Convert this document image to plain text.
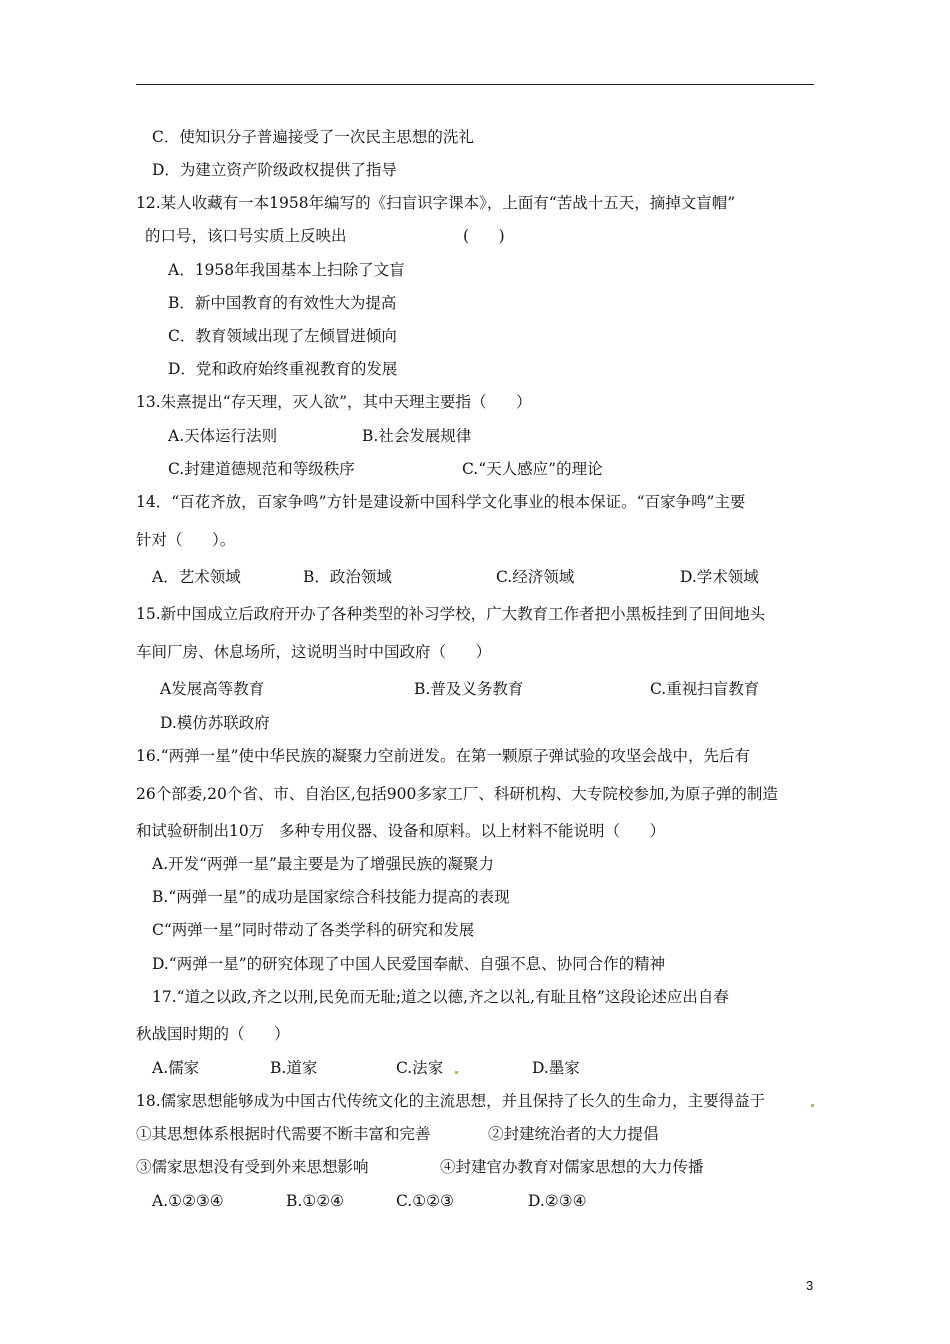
C．使知识分子普遍接受了一次民主思想的洗礼
D．为建立资产阶级政权提供了指导
12.某人收藏有一本1958年编写的《扫盲识字课本》，上面有“苦战十五天，摘掉文盲帽”
的口号，该口号实质上反映出	(      )
A．1958年我国基本上扫除了文盲
B．新中国教育的有效性大为提高
C．教育领域出现了左倾冒进倾向
D．党和政府始终重视教育的发展
13.朱熹提出“存天理，灭人欲”，其中天理主要指（      ）
A.天体运行法则	B.社会发展规律
C.封建道德规范和等级秩序	C.“天人感应”的理论
14．“百花齐放，百家争鸣”方针是建设新中国科学文化事业的根本保证。“百家争鸣”主要
针对（      ）。
A．艺术领域	B．政治领域	C.经济领域	D.学术领域
15.新中国成立后政府开办了各种类型的补习学校，广大教育工作者把小黑板挂到了田间地头
车间厂房、休息场所，这说明当时中国政府（      ）
A发展高等教育	B.普及义务教育	C.重视扫盲教育
D.模仿苏联政府
16.“两弹一星”使中华民族的凝聚力空前迸发。在第一颗原子弹试验的攻坚会战中，先后有
26个部委,20个省、市、自治区,包括900多家工厂、科研机构、大专院校参加,为原子弹的制造
和试验研制出10万   多种专用仪器、设备和原料。以上材料不能说明（      ）
A.开发“两弹一星”最主要是为了增强民族的凝聚力
B.“两弹一星”的成功是国家综合科技能力提高的表现
C“两弹一星”同时带动了各类学科的研究和发展
D.“两弹一星”的研究体现了中国人民爱国奉献、自强不息、协同合作的精神
17.“道之以政,齐之以刑,民免而无耻;道之以德,齐之以礼,有耻且格”这段论述应出自春
秋战国时期的（      ）
A.儒家	B.道家	C.法家	D.墨家
18.儒家思想能够成为中国古代传统文化的主流思想，并且保持了长久的生命力，主要得益于
①其思想体系根据时代需要不断丰富和完善	②封建统治者的大力提倡
③儒家思想没有受到外来思想影响	④封建官办教育对儒家思想的大力传播
A.①②③④	B.①②④	C.①②③	D.②③④
3
